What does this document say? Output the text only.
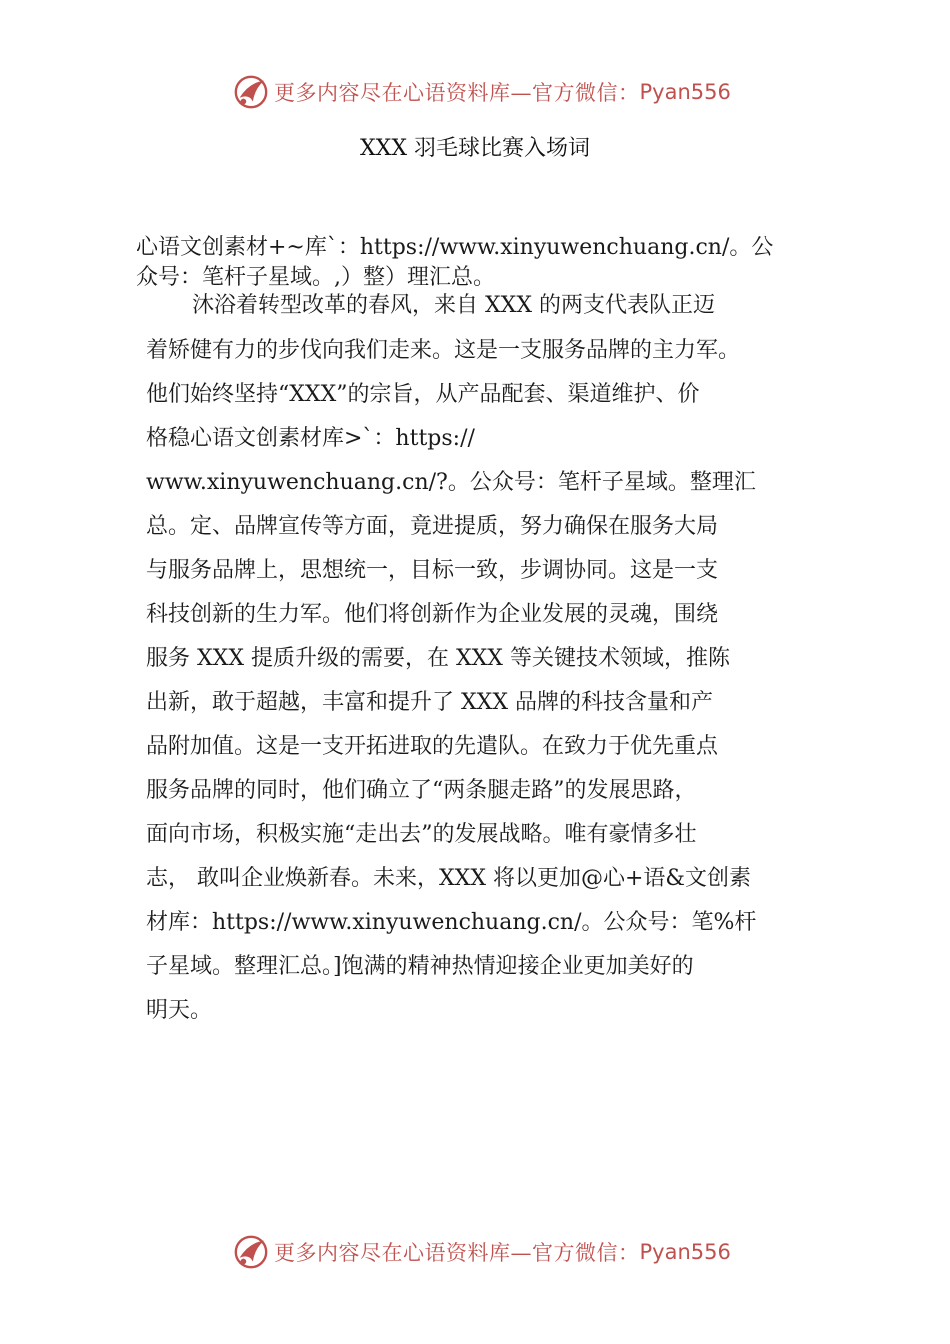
更多内容尽在心语资料库—官方微信： Pyan556
XXX 羽毛球比赛入场词
心语文创素材+~库`：https://www.xinyuwenchuang.cn/。公
众号：笔杆子星域。,）整）理汇总。
沐浴着转型改革的春风，来自 XXX 的两支代表队正迈
着矫健有力的步伐向我们走来。这是一支服务品牌的主力军。
他们始终坚持“XXX”的宗旨，从产品配套、渠道维护、价
格稳心语文创素材库>`：https://
www.xinyuwenchuang.cn/?。公众号：笔杆子星域。整理汇
总。定、品牌宣传等方面，竟进提质，努力确保在服务大局
与服务品牌上，思想统一，目标一致，步调协同。这是一支
科技创新的生力军。他们将创新作为企业发展的灵魂，围绕
服务 XXX 提质升级的需要，在 XXX 等关键技术领域，推陈
出新，敢于超越，丰富和提升了 XXX 品牌的科技含量和产
品附加值。这是一支开拓进取的先遣队。在致力于优先重点
服务品牌的同时，他们确立了“两条腿走路”的发展思路，
面向市场，积极实施“走出去”的发展战略。唯有豪情多壮
志， 敢叫企业焕新春。未来，XXX 将以更加@心+语&文创素
材库：https://www.xinyuwenchuang.cn/。公众号：笔%杆
子星域。整理汇总。]饱满的精神热情迎接企业更加美好的
明天。
更多内容尽在心语资料库—官方微信： Pyan556
